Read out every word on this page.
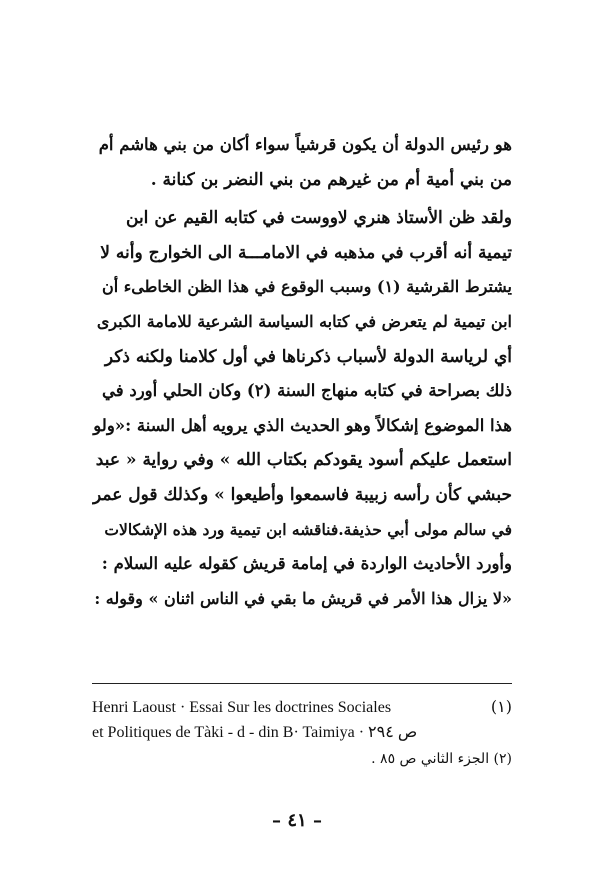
هو رئيس الدولة أن يكون قرشياً سواء أكان من بني هاشم أم
من بني أمية أم من غيرهم من بني النضر بن كنانة .
ولقد ظن الأستاذ هنري لاووست في كتابه القيم عن ابن
تيمية أنه أقرب في مذهبه في الامامـــة الى الخوارج وأنه لا
يشترط القرشية (١) وسبب الوقوع في هذا الظن الخاطىء أن
ابن تيمية لم يتعرض في كتابه السياسة الشرعية للامامة الكبرى
أي لرياسة الدولة لأسباب ذكرناها في أول كلامنا ولكنه ذكر
ذلك بصراحة في كتابه منهاج السنة (٢) وكان الحلي أورد في
هذا الموضوع إشكالاً وهو الحديث الذي يرويه أهل السنة :«ولو
استعمل عليكم أسود يقودكم بكتاب الله » وفي رواية « عبد
حبشي كأن رأسه زبيبة فاسمعوا وأطيعوا » وكذلك قول عمر
في سالم مولى أبي حذيفة.فناقشه ابن تيمية ورد هذه الإشكالات
وأورد الأحاديث الواردة في إمامة قريش كقوله عليه السلام :
«لا يزال هذا الأمر في قريش ما بقي في الناس اثنان » وقوله :
(١)
Henri Laoust · Essai Sur les doctrines Sociales
et Politiques de Tàki - d - din B· Taimiya · ص ٢٩٤
(٢) الجزء الثاني ص ٨٥ .
– ٤١ –
